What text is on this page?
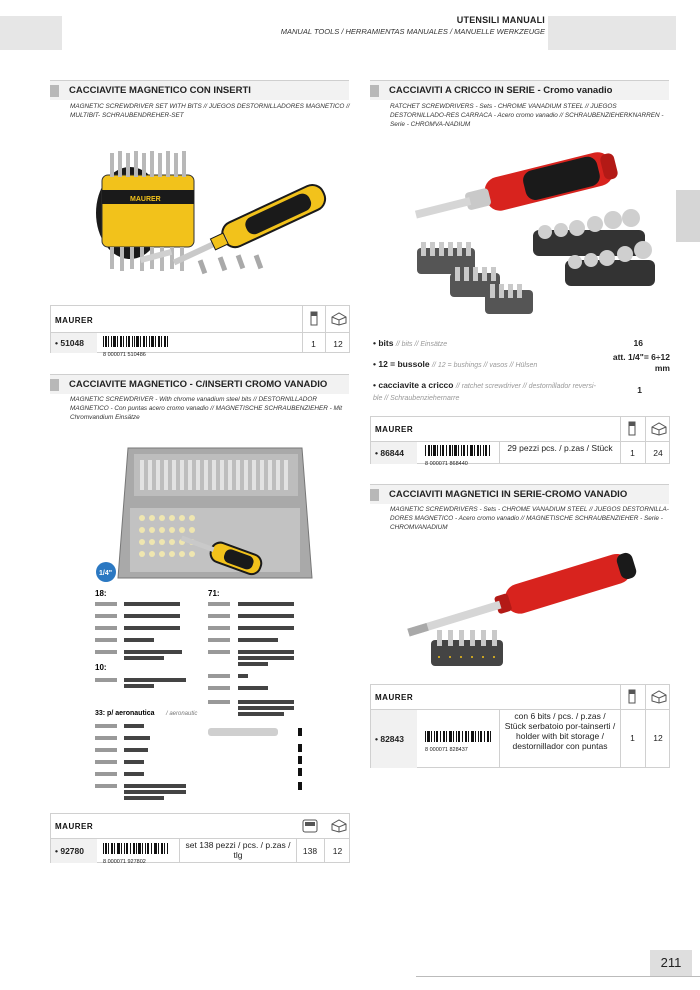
UTENSILI MANUALI
MANUAL TOOLS / HERRAMIENTAS MANUALES / MANUELLE WERKZEUGE
CACCIAVITE MAGNETICO CON INSERTI
MAGNETIC SCREWDRIVER SET WITH BITS // JUEGOS DESTORNILLADORES MAGNETICO // MULTIBIT- SCHRAUBENDREHER-SET
MAURER
MAURER
• 51048
8 000071 510486
1	12
CACCIAVITE MAGNETICO - C/INSERTI CROMO VANADIO
MAGNETIC SCREWDRIVER - With chrome vanadium steel bits // DESTORNILLADOR MAGNETICO - Con puntas acero cromo vanadio // MAGNETISCHE SCHRAUBENZIEHER - Mit Chromvandium Einsätze
1/4"
18:	71:
10:
33: p/ aeronautica / aeronautic
MAURER
• 92780
8 000071 927802
set 138 pezzi / pcs. / p.zas / tlg	138	12
CACCIAVITI A CRICCO IN SERIE - Cromo vanadio
RATCHET SCREWDRIVERS - Sets - CHROME VANADIUM STEEL // JUEGOS DESTORNILLADO-RES CARRACA - Acero cromo vanadio // SCHRAUBENZIEHERKNARREN - Serie - CHROMVA-NADIUM
• bits // bits // Einsätze	16
• 12 = bussole // 12 = bushings // vasos // Hülsen
att. 1/4"= 6÷12 mm
• cacciavite a cricco // ratchet screwdriver // destornillador reversi-ble // Schraubenziehernarre
1
MAURER
• 86844
8 000071 868440
29 pezzi pcs. / p.zas / Stück	1	24
CACCIAVITI MAGNETICI IN SERIE-CROMO VANADIO
MAGNETIC SCREWDRIVERS - Sets - CHROME VANADIUM STEEL // JUEGOS DESTORNILLA-DORES MAGNETICO - Acero cromo vanadio // MAGNETISCHE SCHRAUBENZIEHER - Serie - CHROMVANADIUM
MAURER
• 82843
8 000071 828437
con 6 bits / pcs. / p.zas / Stück serbatoio por-tainserti / holder with bit storage / destornillador con puntas
1	12
211
